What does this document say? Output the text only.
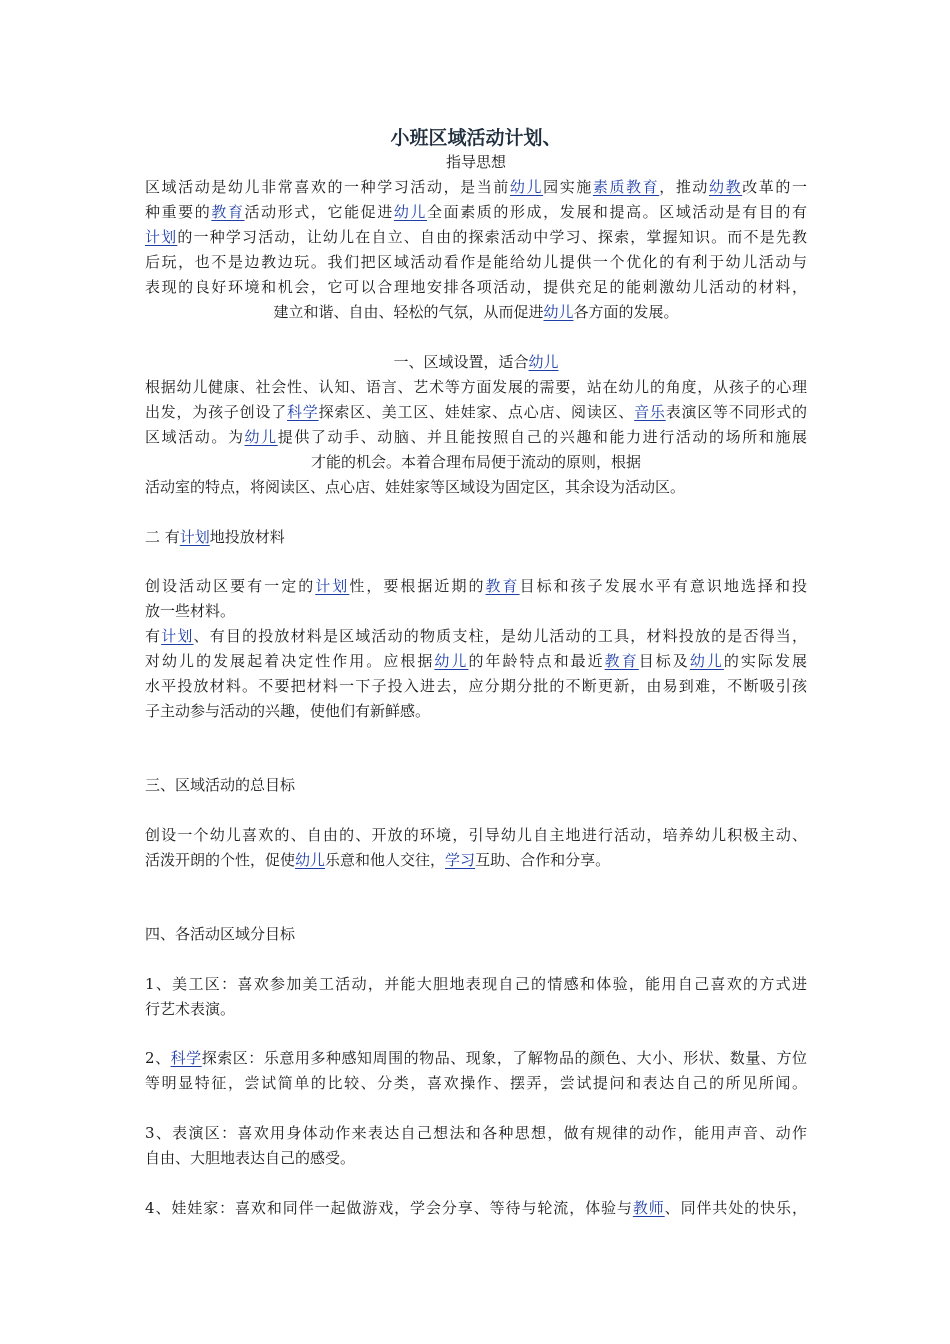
小班区域活动计划、
指导思想
区域活动是幼儿非常喜欢的一种学习活动，是当前幼儿园实施素质教育，推动幼教改革的一
种重要的教育活动形式，它能促进幼儿全面素质的形成，发展和提高。区域活动是有目的有
计划的一种学习活动，让幼儿在自立、自由的探索活动中学习、探索，掌握知识。而不是先教
后玩，也不是边教边玩。我们把区域活动看作是能给幼儿提供一个优化的有利于幼儿活动与
表现的良好环境和机会，它可以合理地安排各项活动，提供充足的能刺激幼儿活动的材料，
建立和谐、自由、轻松的气氛，从而促进幼儿各方面的发展。
一、区域设置，适合幼儿
根据幼儿健康、社会性、认知、语言、艺术等方面发展的需要，站在幼儿的角度，从孩子的心理
出发，为孩子创设了科学探索区、美工区、娃娃家、点心店、阅读区、音乐表演区等不同形式的
区域活动。为幼儿提供了动手、动脑、并且能按照自己的兴趣和能力进行活动的场所和施展
才能的机会。本着合理布局便于流动的原则，根据
活动室的特点，将阅读区、点心店、娃娃家等区域设为固定区，其余设为活动区。
二 有计划地投放材料
创设活动区要有一定的计划性，要根据近期的教育目标和孩子发展水平有意识地选择和投
放一些材料。
有计划、有目的投放材料是区域活动的物质支柱，是幼儿活动的工具，材料投放的是否得当，
对幼儿的发展起着决定性作用。应根据幼儿的年龄特点和最近教育目标及幼儿的实际发展
水平投放材料。不要把材料一下子投入进去，应分期分批的不断更新，由易到难，不断吸引孩
子主动参与活动的兴趣，使他们有新鲜感。
三、区域活动的总目标
创设一个幼儿喜欢的、自由的、开放的环境，引导幼儿自主地进行活动，培养幼儿积极主动、
活泼开朗的个性，促使幼儿乐意和他人交往，学习互助、合作和分享。
四、各活动区域分目标
1、美工区：喜欢参加美工活动，并能大胆地表现自己的情感和体验，能用自己喜欢的方式进
行艺术表演。
2、科学探索区：乐意用多种感知周围的物品、现象，了解物品的颜色、大小、形状、数量、方位
等明显特征，尝试简单的比较、分类，喜欢操作、摆弄，尝试提问和表达自己的所见所闻。
3、表演区：喜欢用身体动作来表达自己想法和各种思想，做有规律的动作，能用声音、动作
自由、大胆地表达自己的感受。
4、娃娃家：喜欢和同伴一起做游戏，学会分享、等待与轮流，体验与教师、同伴共处的快乐，
